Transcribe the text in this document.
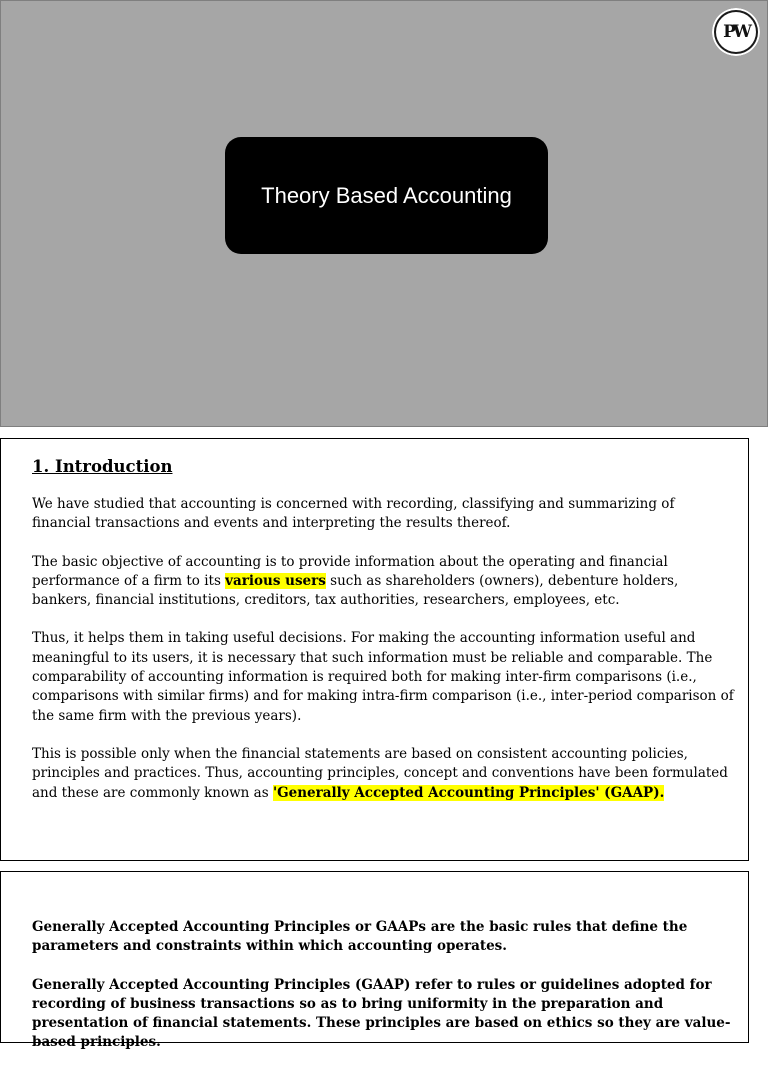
PW
Theory Based Accounting
1. Introduction

We have studied that accounting is concerned with recording, classifying and summarizing of financial transactions and events and interpreting the results thereof.

The basic objective of accounting is to provide information about the operating and financial performance of a firm to its various users such as shareholders (owners), debenture holders, bankers, financial institutions, creditors, tax authorities, researchers, employees, etc.

Thus, it helps them in taking useful decisions. For making the accounting information useful and meaningful to its users, it is necessary that such information must be reliable and comparable. The comparability of accounting information is required both for making inter-firm comparisons (i.e., comparisons with similar firms) and for making intra-firm comparison (i.e., inter-period comparison of the same firm with the previous years).

This is possible only when the financial statements are based on consistent accounting policies, principles and practices. Thus, accounting principles, concept and conventions have been formulated and these are commonly known as 'Generally Accepted Accounting Principles' (GAAP).

Generally Accepted Accounting Principles or GAAPs are the basic rules that define the parameters and constraints within which accounting operates.

Generally Accepted Accounting Principles (GAAP) refer to rules or guidelines adopted for recording of business transactions so as to bring uniformity in the preparation and presentation of financial statements. These principles are based on ethics so they are value-based principles.
